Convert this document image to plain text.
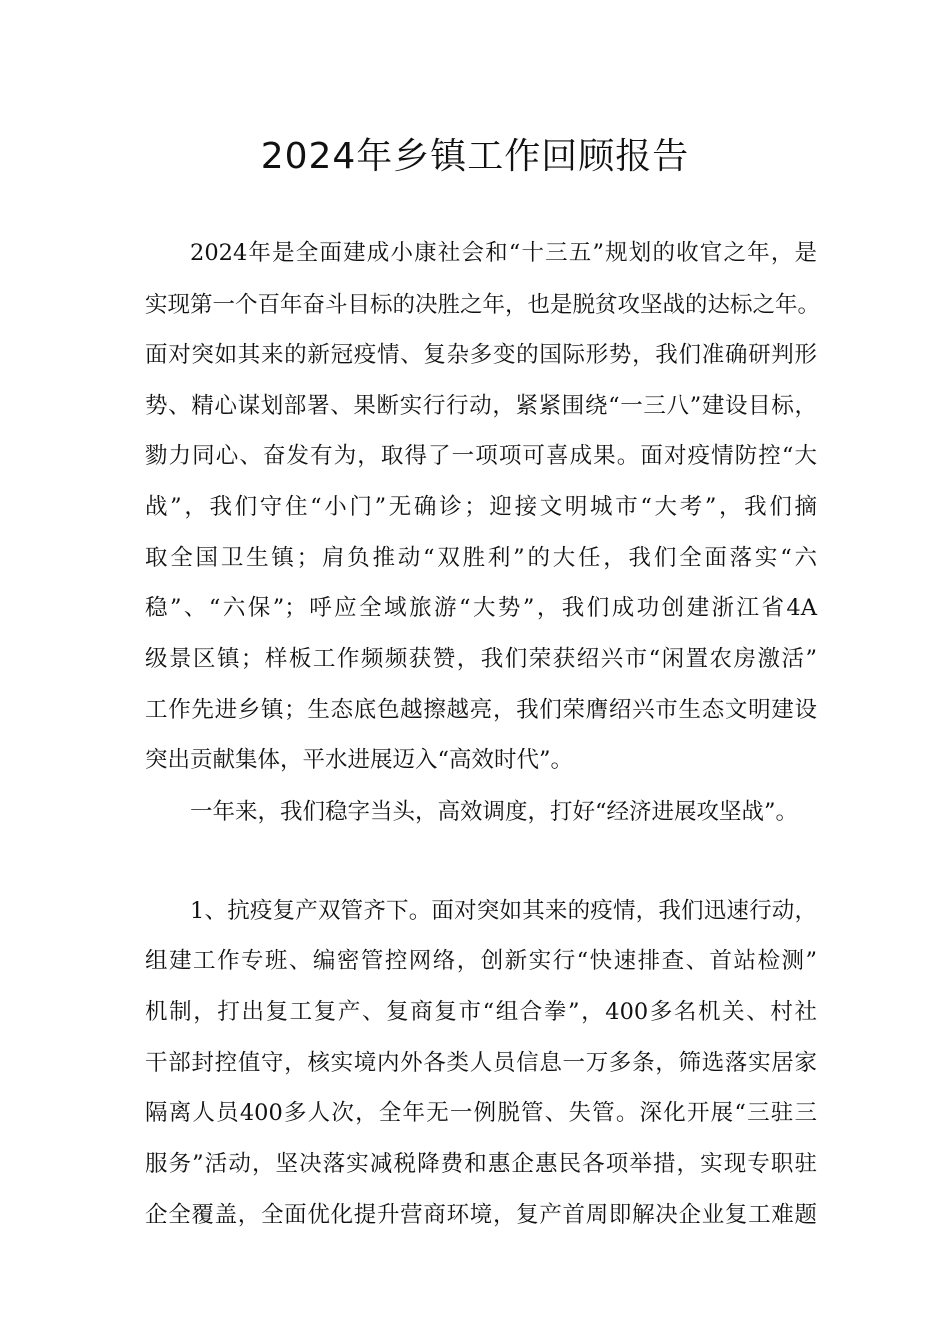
2024年乡镇工作回顾报告
2024年是全面建成小康社会和“十三五”规划的收官之年，是
实现第一个百年奋斗目标的决胜之年，也是脱贫攻坚战的达标之年。
面对突如其来的新冠疫情、复杂多变的国际形势，我们准确研判形
势、精心谋划部署、果断实行行动，紧紧围绕“一三八”建设目标，
勠力同心、奋发有为，取得了一项项可喜成果。面对疫情防控“大
战”，我们守住“小门”无确诊；迎接文明城市“大考”，我们摘
取全国卫生镇；肩负推动“双胜利”的大任，我们全面落实“六
稳”、“六保”；呼应全域旅游“大势”，我们成功创建浙江省4A
级景区镇；样板工作频频获赞，我们荣获绍兴市“闲置农房激活”
工作先进乡镇；生态底色越擦越亮，我们荣膺绍兴市生态文明建设
突出贡献集体，平水进展迈入“高效时代”。
一年来，我们稳字当头，高效调度，打好“经济进展攻坚战”。
1、抗疫复产双管齐下。面对突如其来的疫情，我们迅速行动，
组建工作专班、编密管控网络，创新实行“快速排查、首站检测”
机制，打出复工复产、复商复市“组合拳”，400多名机关、村社
干部封控值守，核实境内外各类人员信息一万多条，筛选落实居家
隔离人员400多人次，全年无一例脱管、失管。深化开展“三驻三
服务”活动，坚决落实减税降费和惠企惠民各项举措，实现专职驻
企全覆盖，全面优化提升营商环境，复产首周即解决企业复工难题
